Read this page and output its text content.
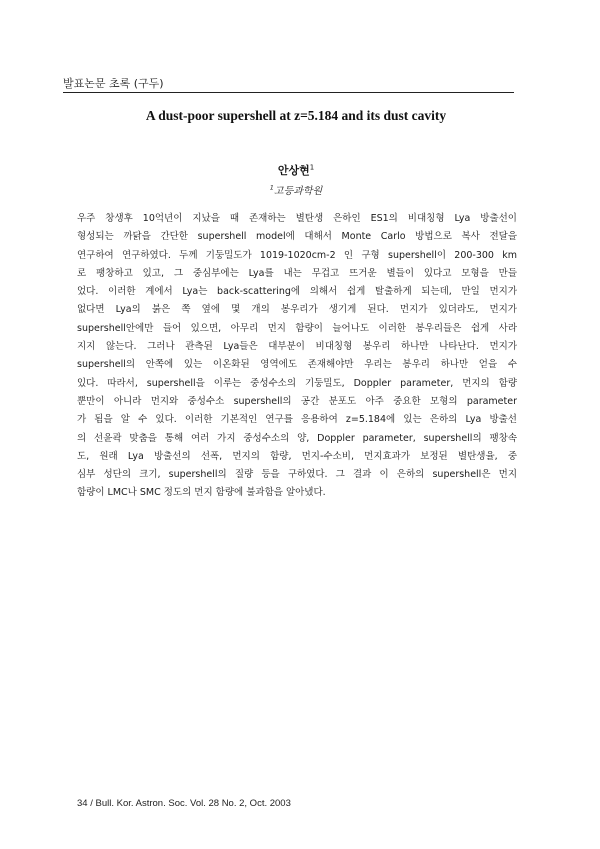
발표논문 초록 (구두)
A dust-poor supershell at z=5.184 and its dust cavity
안상현$^1$
$^1$고등과학원
우주 창생후 10억년이 지났을 때 존재하는 별탄생 은하인 ES1의 비대칭형 Lya 방출선이
형성되는 까닭을 간단한 supershell model에 대해서 Monte Carlo 방법으로 복사 전달을
연구하여 연구하였다. 두께 기둥밀도가 1019-1020cm-2 인 구형 supershell이 200-300 km
로 팽창하고 있고, 그 중심부에는 Lya를 내는 무겁고 뜨거운 별들이 있다고 모형을 만들
었다. 이러한 계에서 Lya는 back-scattering에 의해서 쉽게 탈출하게 되는데, 만일 먼지가
없다면 Lya의 붉은 쪽 옆에 몇 개의 봉우리가 생기게 된다. 먼지가 있더라도, 먼지가
supershell안에만 들어 있으면, 아무리 먼지 함량이 늘어나도 이러한 봉우리들은 쉽게 사라
지지 않는다. 그러나 관측된 Lya들은 대부분이 비대칭형 봉우리 하나만 나타난다. 먼지가
supershell의 안쪽에 있는 이온화된 영역에도 존재해야만 우리는 봉우리 하나만 얻을 수
있다. 따라서, supershell을 이루는 중성수소의 기둥밀도, Doppler parameter, 먼지의 함량
뿐만이 아니라 먼지와 중성수소 supershell의 공간 분포도 아주 중요한 모형의 parameter
가 됨을 알 수 있다. 이러한 기본적인 연구를 응용하여 z=5.184에 있는 은하의 Lya 방출선
의 선윤곽 맞춤을 통해 여러 가지 중성수소의 양, Doppler parameter, supershell의 팽창속
도, 원래 Lya 방출선의 선폭, 먼지의 함량, 먼지-수소비, 먼지효과가 보정된 별탄생율, 중
심부 성단의 크기, supershell의 질량 등을 구하였다. 그 결과 이 은하의 supershell은 먼지
함량이 LMC나 SMC 정도의 먼지 함량에 불과함을 알아냈다.
34 / Bull. Kor. Astron. Soc. Vol. 28 No. 2, Oct. 2003
